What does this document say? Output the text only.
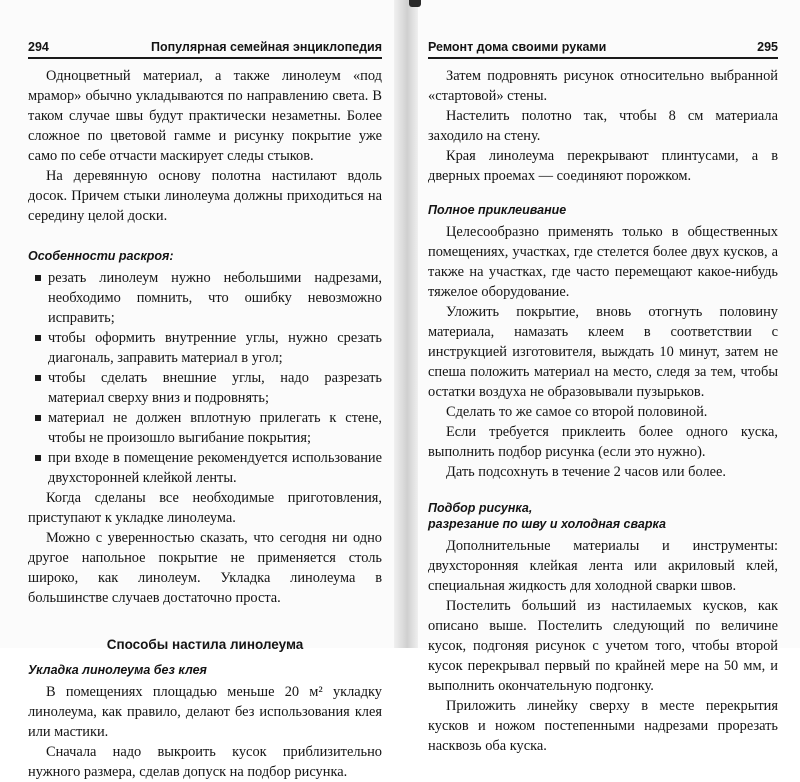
294	Популярная семейная энциклопедия

Одноцветный материал, а также линолеум «под мрамор» обычно укладываются по направлению света. В таком случае швы будут практически незаметны. Более сложное по цветовой гамме и рисунку покрытие уже само по себе отчасти маскирует следы стыков.

На деревянную основу полотна настилают вдоль досок. Причем стыки линолеума должны приходиться на середину целой доски.

Особенности раскроя:
резать линолеум нужно небольшими надрезами, необходимо помнить, что ошибку невозможно исправить;
чтобы оформить внутренние углы, нужно срезать диагональ, заправить материал в угол;
чтобы сделать внешние углы, надо разрезать материал сверху вниз и подровнять;
материал не должен вплотную прилегать к стене, чтобы не произошло выгибание покрытия;
при входе в помещение рекомендуется использование двухсторонней клейкой ленты.

Когда сделаны все необходимые приготовления, приступают к укладке линолеума.

Можно с уверенностью сказать, что сегодня ни одно другое напольное покрытие не применяется столь широко, как линолеум. Укладка линолеума в большинстве случаев достаточно проста.

Способы настила линолеума
Укладка линолеума без клея

В помещениях площадью меньше 20 м² укладку линолеума, как правило, делают без использования клея или мастики.

Сначала надо выкроить кусок приблизительно нужного размера, сделав допуск на подбор рисунка.

Ремонт дома своими руками	295

Затем подровнять рисунок относительно выбранной «стартовой» стены.

Настелить полотно так, чтобы 8 см материала заходило на стену.

Края линолеума перекрывают плинтусами, а в дверных проемах — соединяют порожком.

Полное приклеивание

Целесообразно применять только в общественных помещениях, участках, где стелется более двух кусков, а также на участках, где часто перемещают какое-нибудь тяжелое оборудование.

Уложить покрытие, вновь отогнуть половину материала, намазать клеем в соответствии с инструкцией изготовителя, выждать 10 минут, затем не спеша положить материал на место, следя за тем, чтобы остатки воздуха не образовывали пузырьков.

Сделать то же самое со второй половиной.

Если требуется приклеить более одного куска, выполнить подбор рисунка (если это нужно).

Дать подсохнуть в течение 2 часов или более.

Подбор рисунка,
разрезание по шву и холодная сварка

Дополнительные материалы и инструменты: двухсторонняя клейкая лента или акриловый клей, специальная жидкость для холодной сварки швов.

Постелить больший из настилаемых кусков, как описано выше. Постелить следующий по величине кусок, подгоняя рисунок с учетом того, чтобы второй кусок перекрывал первый по крайней мере на 50 мм, и выполнить окончательную подгонку.

Приложить линейку сверху в месте перекрытия кусков и ножом постепенными надрезами прорезать насквозь оба куска.
